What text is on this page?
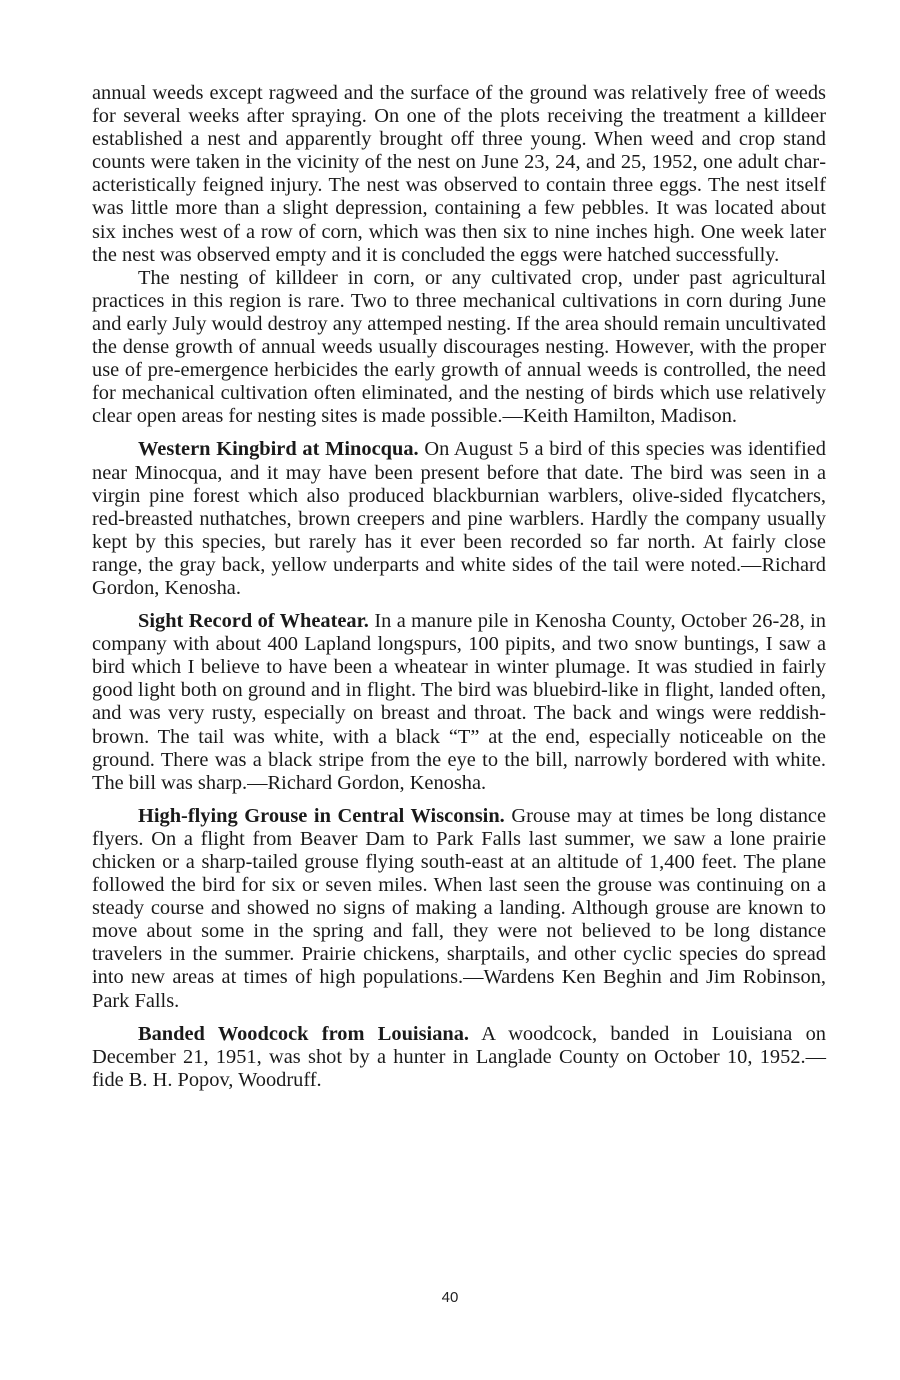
annual weeds except ragweed and the surface of the ground was relatively free of weeds for several weeks after spraying. On one of the plots receiving the treatment a killdeer established a nest and apparently brought off three young. When weed and crop stand counts were taken in the vicinity of the nest on June 23, 24, and 25, 1952, one adult characteristically feigned injury. The nest was observed to contain three eggs. The nest itself was little more than a slight depression, containing a few pebbles. It was located about six inches west of a row of corn, which was then six to nine inches high. One week later the nest was observed empty and it is concluded the eggs were hatched successfully.

The nesting of killdeer in corn, or any cultivated crop, under past agricultural practices in this region is rare. Two to three mechanical cultivations in corn during June and early July would destroy any attemped nesting. If the area should remain uncultivated the dense growth of annual weeds usually discourages nesting. However, with the proper use of pre-emergence herbicides the early growth of annual weeds is controlled, the need for mechanical cultivation often eliminated, and the nesting of birds which use relatively clear open areas for nesting sites is made possible.—Keith Hamilton, Madison.

Western Kingbird at Minocqua. On August 5 a bird of this species was identified near Minocqua, and it may have been present before that date. The bird was seen in a virgin pine forest which also produced blackburnian warblers, olive-sided flycatchers, red-breasted nuthatches, brown creepers and pine warblers. Hardly the company usually kept by this species, but rarely has it ever been recorded so far north. At fairly close range, the gray back, yellow underparts and white sides of the tail were noted.—Richard Gordon, Kenosha.

Sight Record of Wheatear. In a manure pile in Kenosha County, October 26-28, in company with about 400 Lapland longspurs, 100 pipits, and two snow buntings, I saw a bird which I believe to have been a wheatear in winter plumage. It was studied in fairly good light both on ground and in flight. The bird was bluebird-like in flight, landed often, and was very rusty, especially on breast and throat. The back and wings were reddish-brown. The tail was white, with a black “T” at the end, especially noticeable on the ground. There was a black stripe from the eye to the bill, narrowly bordered with white. The bill was sharp.—Richard Gordon, Kenosha.

High-flying Grouse in Central Wisconsin. Grouse may at times be long distance flyers. On a flight from Beaver Dam to Park Falls last summer, we saw a lone prairie chicken or a sharp-tailed grouse flying south-east at an altitude of 1,400 feet. The plane followed the bird for six or seven miles. When last seen the grouse was continuing on a steady course and showed no signs of making a landing. Although grouse are known to move about some in the spring and fall, they were not believed to be long distance travelers in the summer. Prairie chickens, sharptails, and other cyclic species do spread into new areas at times of high populations.—Wardens Ken Beghin and Jim Robinson, Park Falls.

Banded Woodcock from Louisiana. A woodcock, banded in Louisiana on December 21, 1951, was shot by a hunter in Langlade County on October 10, 1952.—fide B. H. Popov, Woodruff.

40
